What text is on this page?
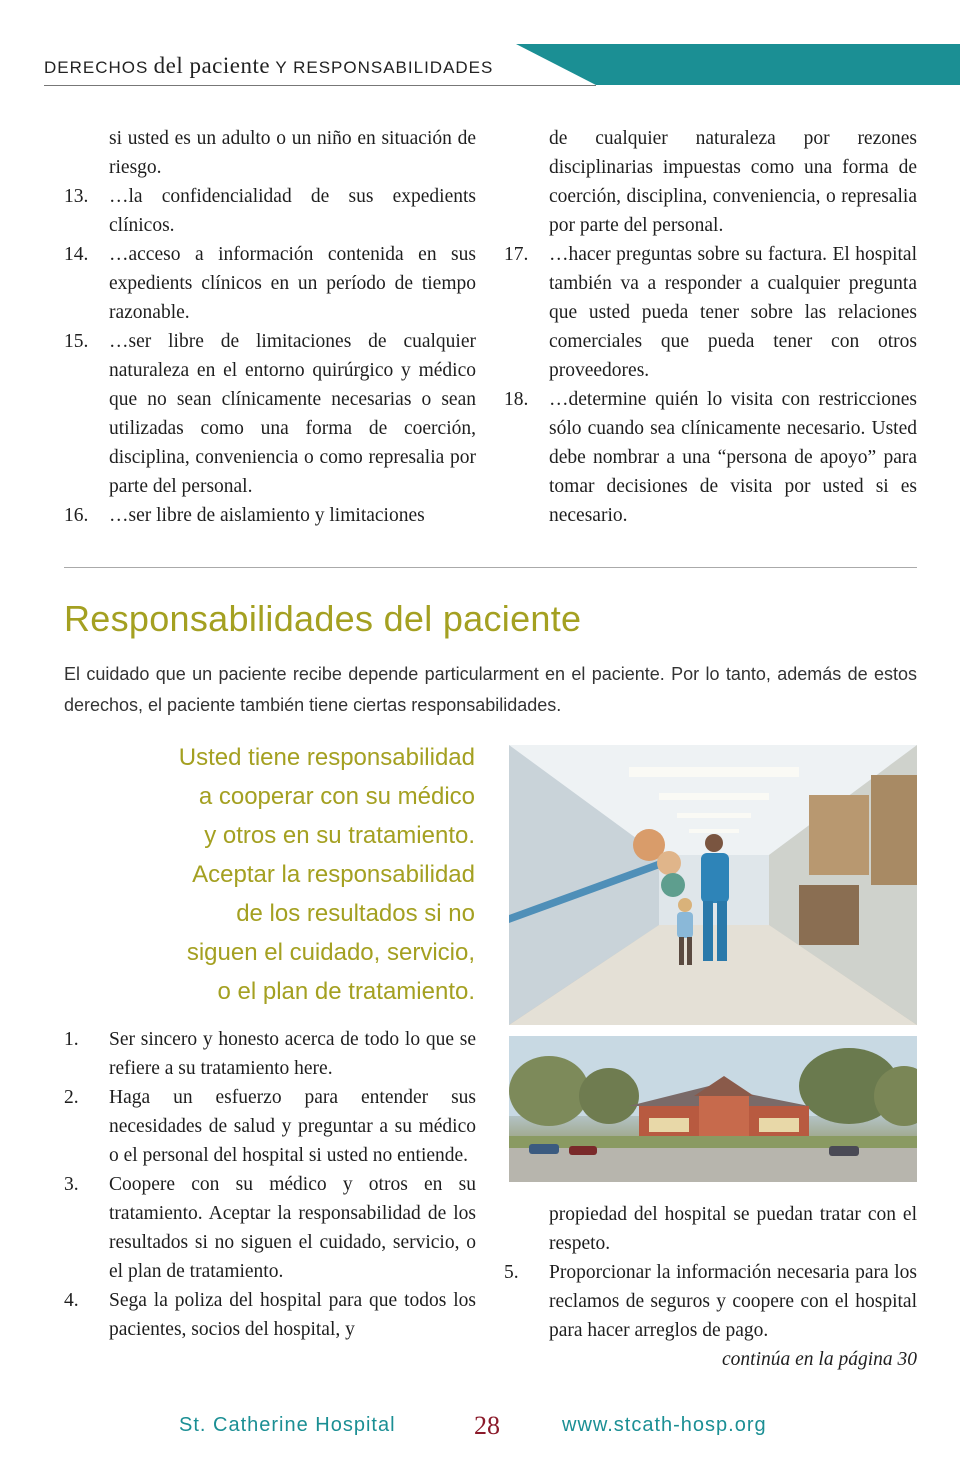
DERECHOS del paciente Y RESPONSABILIDADES
si usted es un adulto o un niño en situación de riesgo.
13. …la confidencialidad de sus expedients clínicos.
14. …acceso a información contenida en sus expedients clínicos en un período de tiempo razonable.
15. …ser libre de limitaciones de cualquier naturaleza en el entorno quirúrgico y médico que no sean clínicamente necesarias o sean utilizadas como una forma de coerción, disciplina, conveniencia o como represalia por parte del personal.
16. …ser libre de aislamiento y limitaciones
de cualquier naturaleza por rezones disciplinarias impuestas como una forma de coerción, disciplina, conveniencia, o represalia por parte del personal.
17. …hacer preguntas sobre su factura. El hospital también va a responder a cualquier pregunta que usted pueda tener sobre las relaciones comerciales que pueda tener con otros proveedores.
18. …determine quién lo visita con restricciones sólo cuando sea clínicamente necesario. Usted debe nombrar a una “persona de apoyo” para tomar decisiones de visita por usted si es necesario.
Responsabilidades del paciente
El cuidado que un paciente recibe depende particularment en el paciente. Por lo tanto, además de estos derechos, el paciente también tiene ciertas responsabilidades.
Usted tiene responsabilidad
a cooperar con su médico
y otros en su tratamiento.
Aceptar la responsabilidad
de los resultados si no
siguen el cuidado, servicio,
o el plan de tratamiento.
1. Ser sincero y honesto acerca de todo lo que se refiere a su tratamiento here.
2. Haga un esfuerzo para entender sus necesidades de salud y preguntar a su médico o el personal del hospital si usted no entiende.
3. Coopere con su médico y otros en su tratamiento. Aceptar la responsabilidad de los resultados si no siguen el cuidado, servicio, o el plan de tratamiento.
4. Sega la poliza del hospital para que todos los pacientes, socios del hospital, y
propiedad del hospital se puedan tratar con el respeto.
5. Proporcionar la información necesaria para los reclamos de seguros y coopere con el hospital para hacer arreglos de pago.
continúa en la página 30
St. Catherine Hospital	28	www.stcath-hosp.org
